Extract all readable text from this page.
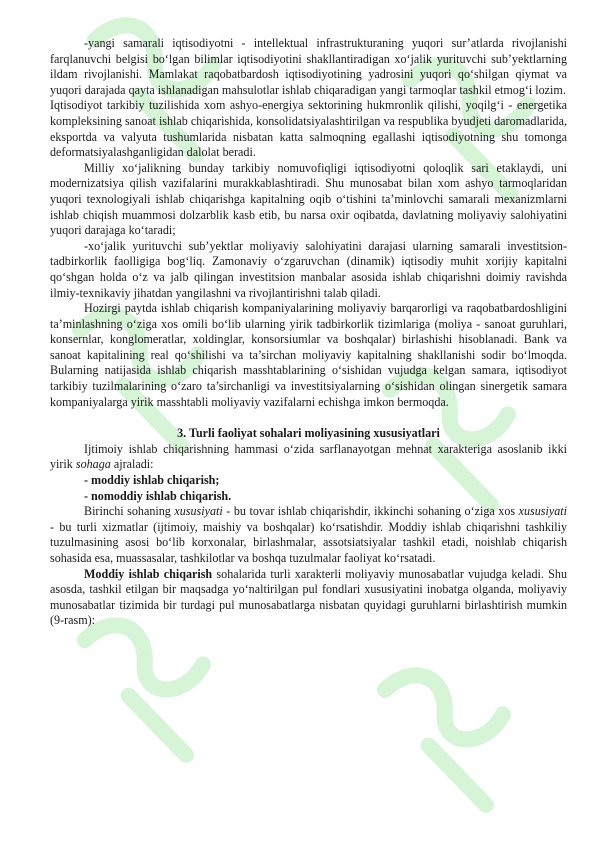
-yangi samarali iqtisodiyotni - intellektual infrastrukturaning yuqori sur’atlarda rivojlanishi farqlanuvchi belgisi bo‘lgan bilimlar iqtisodiyotini shakllantiradigan xo‘jalik yurituvchi sub’yektlarning ildam rivojlanishi. Mamlakat raqobatbardosh iqtisodiyotining yadrosini yuqori qo‘shilgan qiymat va yuqori darajada qayta ishlanadigan mahsulotlar ishlab chiqaradigan yangi tarmoqlar tashkil etmog‘i lozim.

Iqtisodiyot tarkibiy tuzilishida xom ashyo-energiya sektorining hukmronlik qilishi, yoqilg‘i - energetika kompleksining sanoat ishlab chiqarishida, konsolidatsiyalashtirilgan va respublika byudjeti daromadlarida, eksportda va valyuta tushumlarida nisbatan katta salmoqning egallashi iqtisodiyotning shu tomonga deformatsiyalashganligidan dalolat beradi.

Milliy xo‘jalikning bunday tarkibiy nomuvofiqligi iqtisodiyotni qoloqlik sari etaklaydi, uni modernizatsiya qilish vazifalarini murakkablashtiradi. Shu munosabat bilan xom ashyo tarmoqlaridan yuqori texnologiyali ishlab chiqarishga kapitalning oqib o‘tishini ta’minlovchi samarali mexanizmlarni ishlab chiqish muammosi dolzarblik kasb etib, bu narsa oxir oqibatda, davlatning moliyaviy salohiyatini yuqori darajaga ko‘taradi;

-xo‘jalik yurituvchi sub’yektlar moliyaviy salohiyatini darajasi ularning samarali investitsion-tadbirkorlik faolligiga bog‘liq. Zamonaviy o‘zgaruvchan (dinamik) iqtisodiy muhit xorijiy kapitalni qo‘shgan holda o‘z va jalb qilingan investitsion manbalar asosida ishlab chiqarishni doimiy ravishda ilmiy-texnikaviy jihatdan yangilashni va rivojlantirishni talab qiladi.

Hozirgi paytda ishlab chiqarish kompaniyalarining moliyaviy barqarorligi va raqobatbardoshligini ta’minlashning o‘ziga xos omili bo‘lib ularning yirik tadbirkorlik tizimlariga (moliya - sanoat guruhlari, konsernlar, konglomeratlar, xoldinglar, konsorsiumlar va boshqalar) birlashishi hisoblanadi. Bank va sanoat kapitalining real qo‘shilishi va ta’sirchan moliyaviy kapitalning shakllanishi sodir bo‘lmoqda. Bularning natijasida ishlab chiqarish masshtablarining o‘sishidan vujudga kelgan samara, iqtisodiyot tarkibiy tuzilmalarining o‘zaro ta’sirchanligi va investitsiyalarning o‘sishidan olingan sinergetik samara kompaniyalarga yirik masshtabli moliyaviy vazifalarni echishga imkon bermoqda.

3. Turli faoliyat sohalari moliyasining xususiyatlari

Ijtimoiy ishlab chiqarishning hammasi o‘zida sarflanayotgan mehnat xarakteriga asoslanib ikki yirik sohaga ajraladi:

- moddiy ishlab chiqarish;

- nomoddiy ishlab chiqarish.

Birinchi sohaning xususiyati - bu tovar ishlab chiqarishdir, ikkinchi sohaning o‘ziga xos xususiyati - bu turli xizmatlar (ijtimoiy, maishiy va boshqalar) ko‘rsatishdir. Moddiy ishlab chiqarishni tashkiliy tuzulmasining asosi bo‘lib korxonalar, birlashmalar, assotsiatsiyalar tashkil etadi, noishlab chiqarish sohasida esa, muassasalar, tashkilotlar va boshqa tuzulmalar faoliyat ko‘rsatadi.

Moddiy ishlab chiqarish sohalarida turli xarakterli moliyaviy munosabatlar vujudga keladi. Shu asosda, tashkil etilgan bir maqsadga yo‘naltirilgan pul fondlari xususiyatini inobatga olganda, moliyaviy munosabatlar tizimida bir turdagi pul munosabatlarga nisbatan quyidagi guruhlarni birlashtirish mumkin (9-rasm):
